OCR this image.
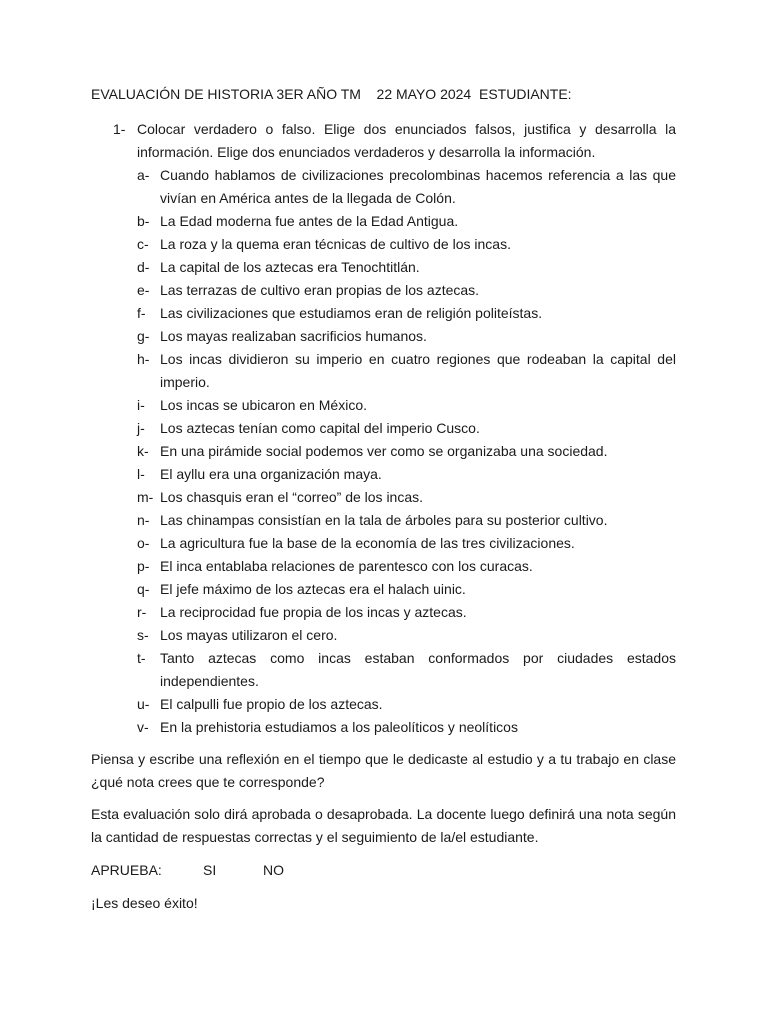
EVALUACIÓN DE HISTORIA 3ER AÑO TM 22 MAYO 2024 ESTUDIANTE:
1- Colocar verdadero o falso. Elige dos enunciados falsos, justifica y desarrolla la información. Elige dos enunciados verdaderos y desarrolla la información.
a- Cuando hablamos de civilizaciones precolombinas hacemos referencia a las que vivían en América antes de la llegada de Colón.
b- La Edad moderna fue antes de la Edad Antigua.
c- La roza y la quema eran técnicas de cultivo de los incas.
d- La capital de los aztecas era Tenochtitlán.
e- Las terrazas de cultivo eran propias de los aztecas.
f-	Las civilizaciones que estudiamos eran de religión politeístas.
g- Los mayas realizaban sacrificios humanos.
h- Los incas dividieron su imperio en cuatro regiones que rodeaban la capital del imperio.
i-	Los incas se ubicaron en México.
j-	Los aztecas tenían como capital del imperio Cusco.
k- En una pirámide social podemos ver como se organizaba una sociedad.
l-	El ayllu era una organización maya.
m- Los chasquis eran el “correo” de los incas.
n- Las chinampas consistían en la tala de árboles para su posterior cultivo.
o- La agricultura fue la base de la economía de las tres civilizaciones.
p- El inca entablaba relaciones de parentesco con los curacas.
q- El jefe máximo de los aztecas era el halach uinic.
r- La reciprocidad fue propia de los incas y aztecas.
s- Los mayas utilizaron el cero.
t-	Tanto aztecas como incas estaban conformados por ciudades estados independientes.
u- El calpulli fue propio de los aztecas.
v- En la prehistoria estudiamos a los paleolíticos y neolíticos
Piensa y escribe una reflexión en el tiempo que le dedicaste al estudio y a tu trabajo en clase ¿qué nota crees que te corresponde?
Esta evaluación solo dirá aprobada o desaprobada. La docente luego definirá una nota según la cantidad de respuestas correctas y el seguimiento de la/el estudiante.
APRUEBA:	SI	NO
¡Les deseo éxito!
